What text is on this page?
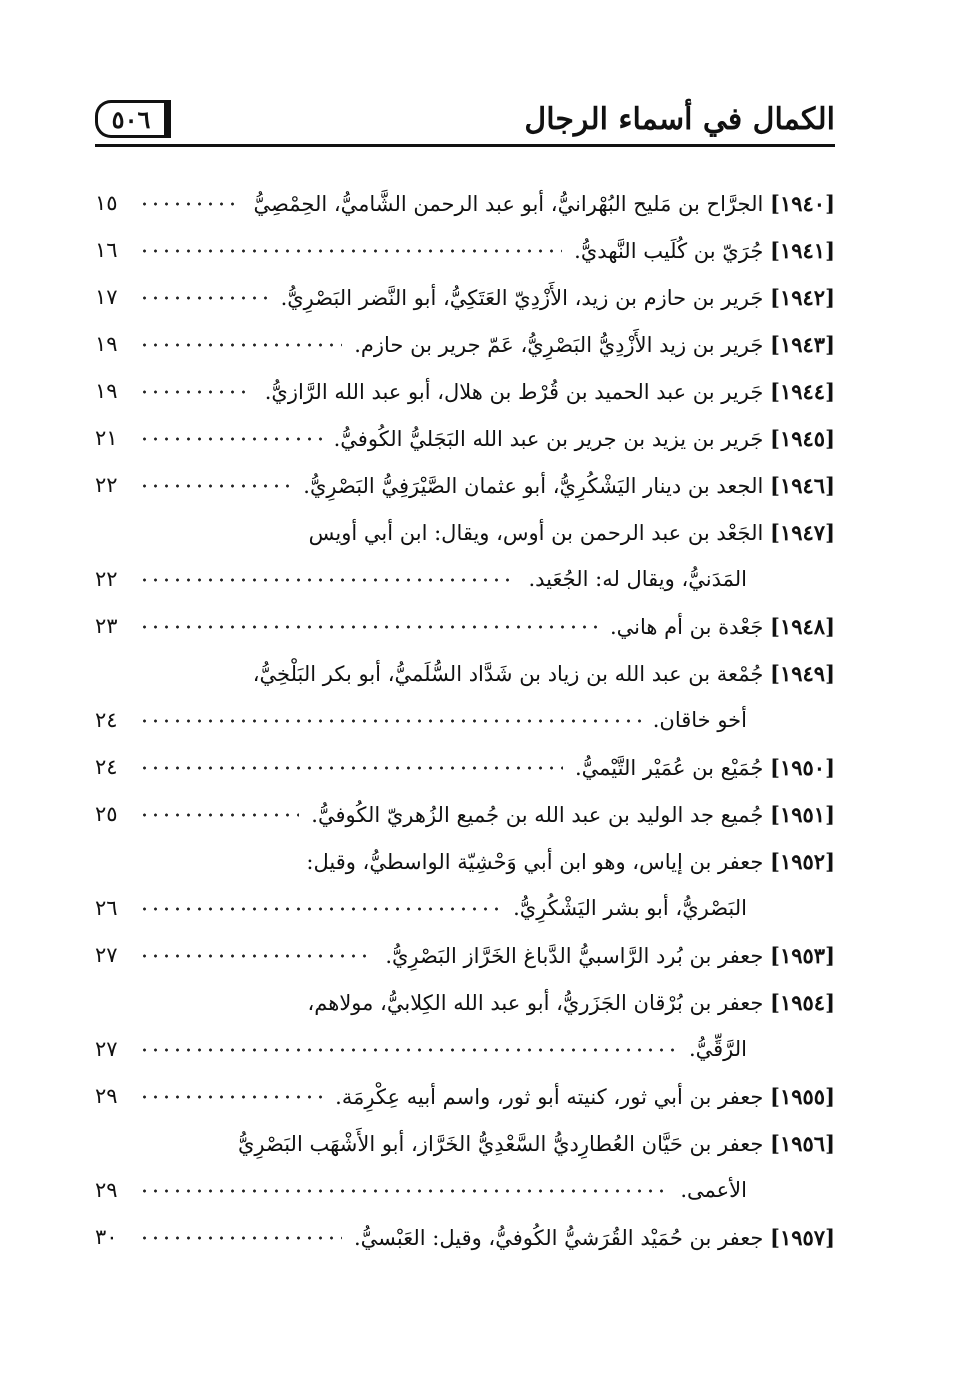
الكمال في أسماء الرجال
٥٠٦
[١٩٤٠] الجرَّاح بن مَليح البُهْرانيُّ، أبو عبد الرحمن الشَّاميُّ، الحِمْصِيُّ
١٥
[١٩٤١] جُرَيّ بن كُلَيب النَّهديُّ.
١٦
[١٩٤٢] جَرير بن حازم بن زيد، الأَزْدِيّ العَتَكِيُّ، أبو النَّضر البَصْرِيُّ.
١٧
[١٩٤٣] جَرير بن زيد الأَزْدِيُّ البَصْرِيُّ، عَمّ جرير بن حازم.
١٩
[١٩٤٤] جَرير بن عبد الحميد بن قُرْط بن هلال، أبو عبد الله الرَّازيُّ.
١٩
[١٩٤٥] جَرير بن يزيد بن جرير بن عبد الله البَجَليُّ الكُوفيُّ.
٢١
[١٩٤٦] الجعد بن دينار اليَشْكُرِيُّ، أبو عثمان الصَّيْرَفِيُّ البَصْرِيُّ.
٢٢
[١٩٤٧] الجَعْد بن عبد الرحمن بن أوس، ويقال: ابن أبي أويس
المَدَنيُّ، ويقال له: الجُعَيد.
٢٢
[١٩٤٨] جَعْدة بن أم هاني.
٢٣
[١٩٤٩] جُمْعة بن عبد الله بن زياد بن شَدَّاد السُّلَميُّ، أبو بكر البَلْخِيُّ،
أخو خاقان.
٢٤
[١٩٥٠] جُمَيْع بن عُمَيْر التَّيْميُّ.
٢٤
[١٩٥١] جُميع جد الوليد بن عبد الله بن جُميع الزُهريّ الكُوفيُّ.
٢٥
[١٩٥٢] جعفر بن إياس، وهو ابن أبي وَحْشِيّة الواسطيُّ، وقيل:
البَصْريُّ، أبو بشر اليَشْكُرِيُّ.
٢٦
[١٩٥٣] جعفر بن بُرد الرَّاسبيُّ الدَّباغ الخَرَّاز البَصْرِيُّ.
٢٧
[١٩٥٤] جعفر بن بُرْقان الجَزَريُّ، أبو عبد الله الكِلابيُّ، مولاهم،
الرَّقِّيُّ.
٢٧
[١٩٥٥] جعفر بن أبي ثور، كنيته أبو ثور، واسم أبيه عِكْرِمَة.
٢٩
[١٩٥٦] جعفر بن حَيَّان العُطارِديُّ السَّعْدِيُّ الخَرَّاز، أبو الأَشْهَب البَصْرِيُّ
الأعمى.
٢٩
[١٩٥٧] جعفر بن حُمَيْد القُرَشيُّ الكُوفيُّ، وقيل: العَبْسيُّ.
٣٠
